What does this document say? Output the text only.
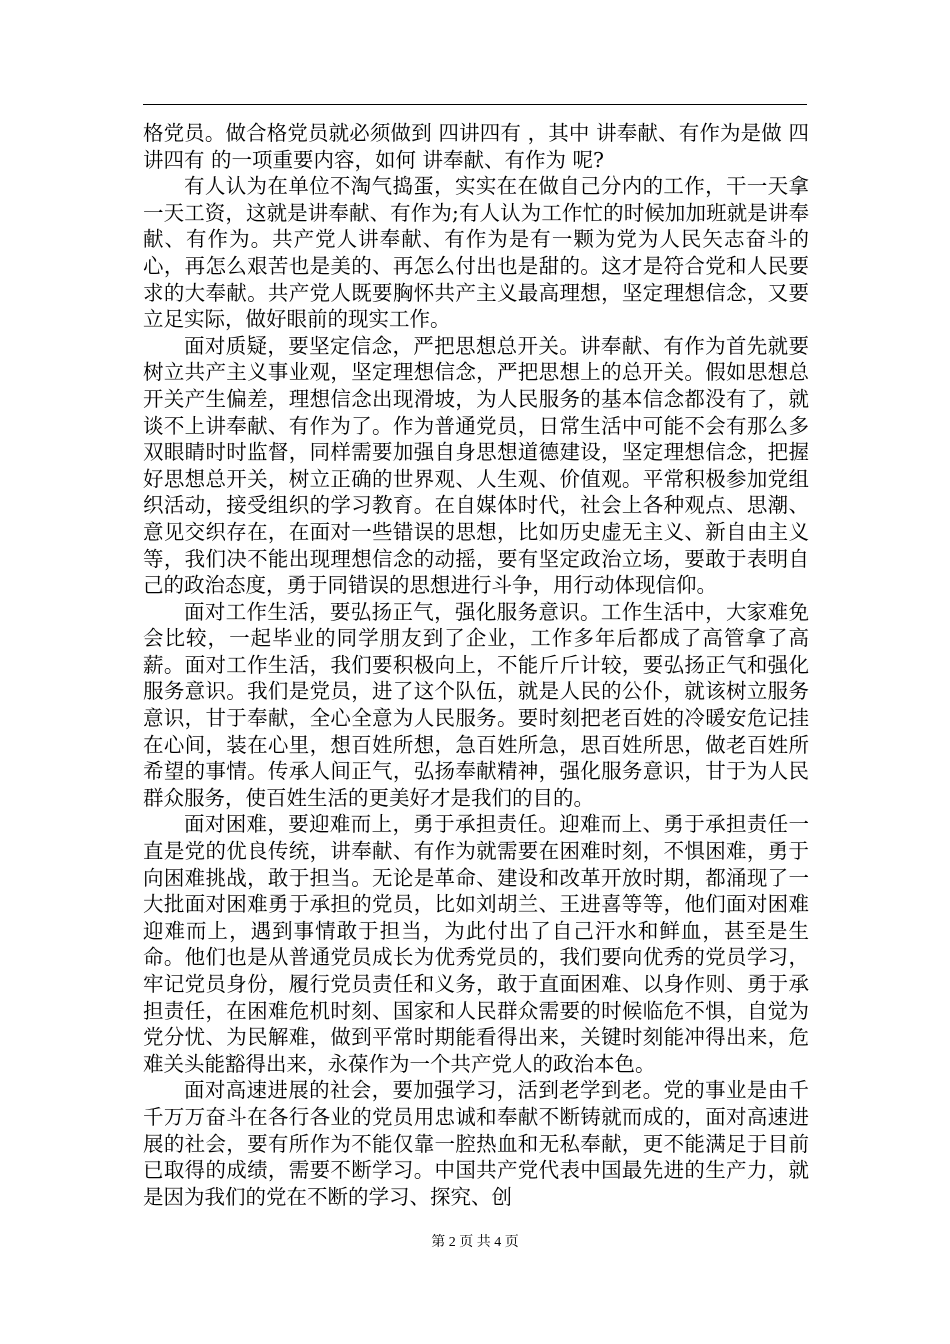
格党员。做合格党员就必须做到 四讲四有 ，其中 讲奉献、有作为是做 四讲四有 的一项重要内容，如何 讲奉献、有作为 呢?

有人认为在单位不淘气捣蛋，实实在在做自己分内的工作，干一天拿一天工资，这就是讲奉献、有作为;有人认为工作忙的时候加加班就是讲奉献、有作为。共产党人讲奉献、有作为是有一颗为党为人民矢志奋斗的心，再怎么艰苦也是美的、再怎么付出也是甜的。这才是符合党和人民要求的大奉献。共产党人既要胸怀共产主义最高理想，坚定理想信念，又要立足实际，做好眼前的现实工作。

面对质疑，要坚定信念，严把思想总开关。讲奉献、有作为首先就要树立共产主义事业观，坚定理想信念，严把思想上的总开关。假如思想总开关产生偏差，理想信念出现滑坡，为人民服务的基本信念都没有了，就谈不上讲奉献、有作为了。作为普通党员，日常生活中可能不会有那么多双眼睛时时监督，同样需要加强自身思想道德建设，坚定理想信念，把握好思想总开关，树立正确的世界观、人生观、价值观。平常积极参加党组织活动，接受组织的学习教育。在自媒体时代，社会上各种观点、思潮、意见交织存在，在面对一些错误的思想，比如历史虚无主义、新自由主义等，我们决不能出现理想信念的动摇，要有坚定政治立场，要敢于表明自己的政治态度，勇于同错误的思想进行斗争，用行动体现信仰。

面对工作生活，要弘扬正气，强化服务意识。工作生活中，大家难免会比较，一起毕业的同学朋友到了企业，工作多年后都成了高管拿了高薪。面对工作生活，我们要积极向上，不能斤斤计较，要弘扬正气和强化服务意识。我们是党员，进了这个队伍，就是人民的公仆，就该树立服务意识，甘于奉献，全心全意为人民服务。要时刻把老百姓的冷暖安危记挂在心间，装在心里，想百姓所想，急百姓所急，思百姓所思，做老百姓所希望的事情。传承人间正气，弘扬奉献精神，强化服务意识，甘于为人民群众服务，使百姓生活的更美好才是我们的目的。

面对困难，要迎难而上，勇于承担责任。迎难而上、勇于承担责任一直是党的优良传统，讲奉献、有作为就需要在困难时刻，不惧困难，勇于向困难挑战，敢于担当。无论是革命、建设和改革开放时期，都涌现了一大批面对困难勇于承担的党员，比如刘胡兰、王进喜等等，他们面对困难迎难而上，遇到事情敢于担当，为此付出了自己汗水和鲜血，甚至是生命。他们也是从普通党员成长为优秀党员的，我们要向优秀的党员学习，牢记党员身份，履行党员责任和义务，敢于直面困难、以身作则、勇于承担责任，在困难危机时刻、国家和人民群众需要的时候临危不惧，自觉为党分忧、为民解难，做到平常时期能看得出来，关键时刻能冲得出来，危难关头能豁得出来，永葆作为一个共产党人的政治本色。

面对高速进展的社会，要加强学习，活到老学到老。党的事业是由千千万万奋斗在各行各业的党员用忠诚和奉献不断铸就而成的，面对高速进展的社会，要有所作为不能仅靠一腔热血和无私奉献，更不能满足于目前已取得的成绩，需要不断学习。中国共产党代表中国最先进的生产力，就是因为我们的党在不断的学习、探究、创

第 2 页 共 4 页
